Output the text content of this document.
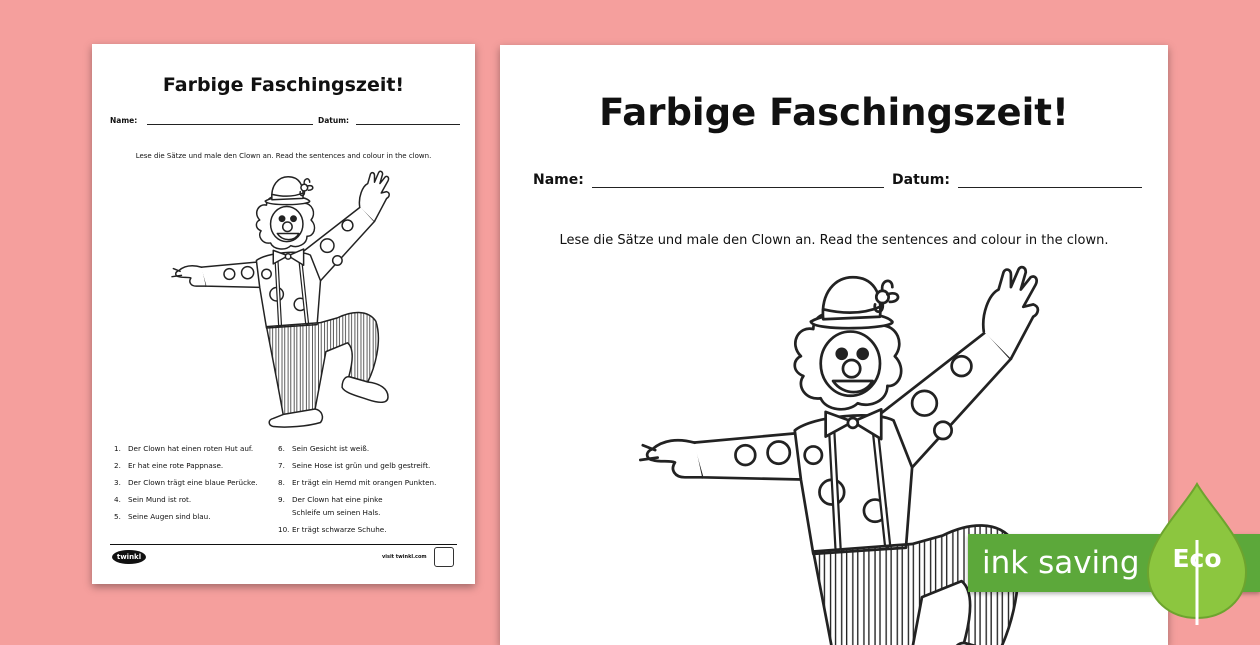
Farbige Faschingszeit!
Name:	Datum:
Lese die Sätze und male den Clown an. Read the sentences and colour in the clown.
1. Der Clown hat einen roten Hut auf.
2. Er hat eine rote Pappnase.
3. Der Clown trägt eine blaue Perücke.
4. Sein Mund ist rot.
5. Seine Augen sind blau.
6. Sein Gesicht ist weiß.
7. Seine Hose ist grün und gelb gestreift.
8. Er trägt ein Hemd mit orangen Punkten.
9. Der Clown hat eine pinke Schleife um seinen Hals.
10. Er trägt schwarze Schuhe.
twinkl	visit twinkl.com
Farbige Faschingszeit!
Name:	Datum:
Lese die Sätze und male den Clown an. Read the sentences and colour in the clown.
ink saving	Eco
